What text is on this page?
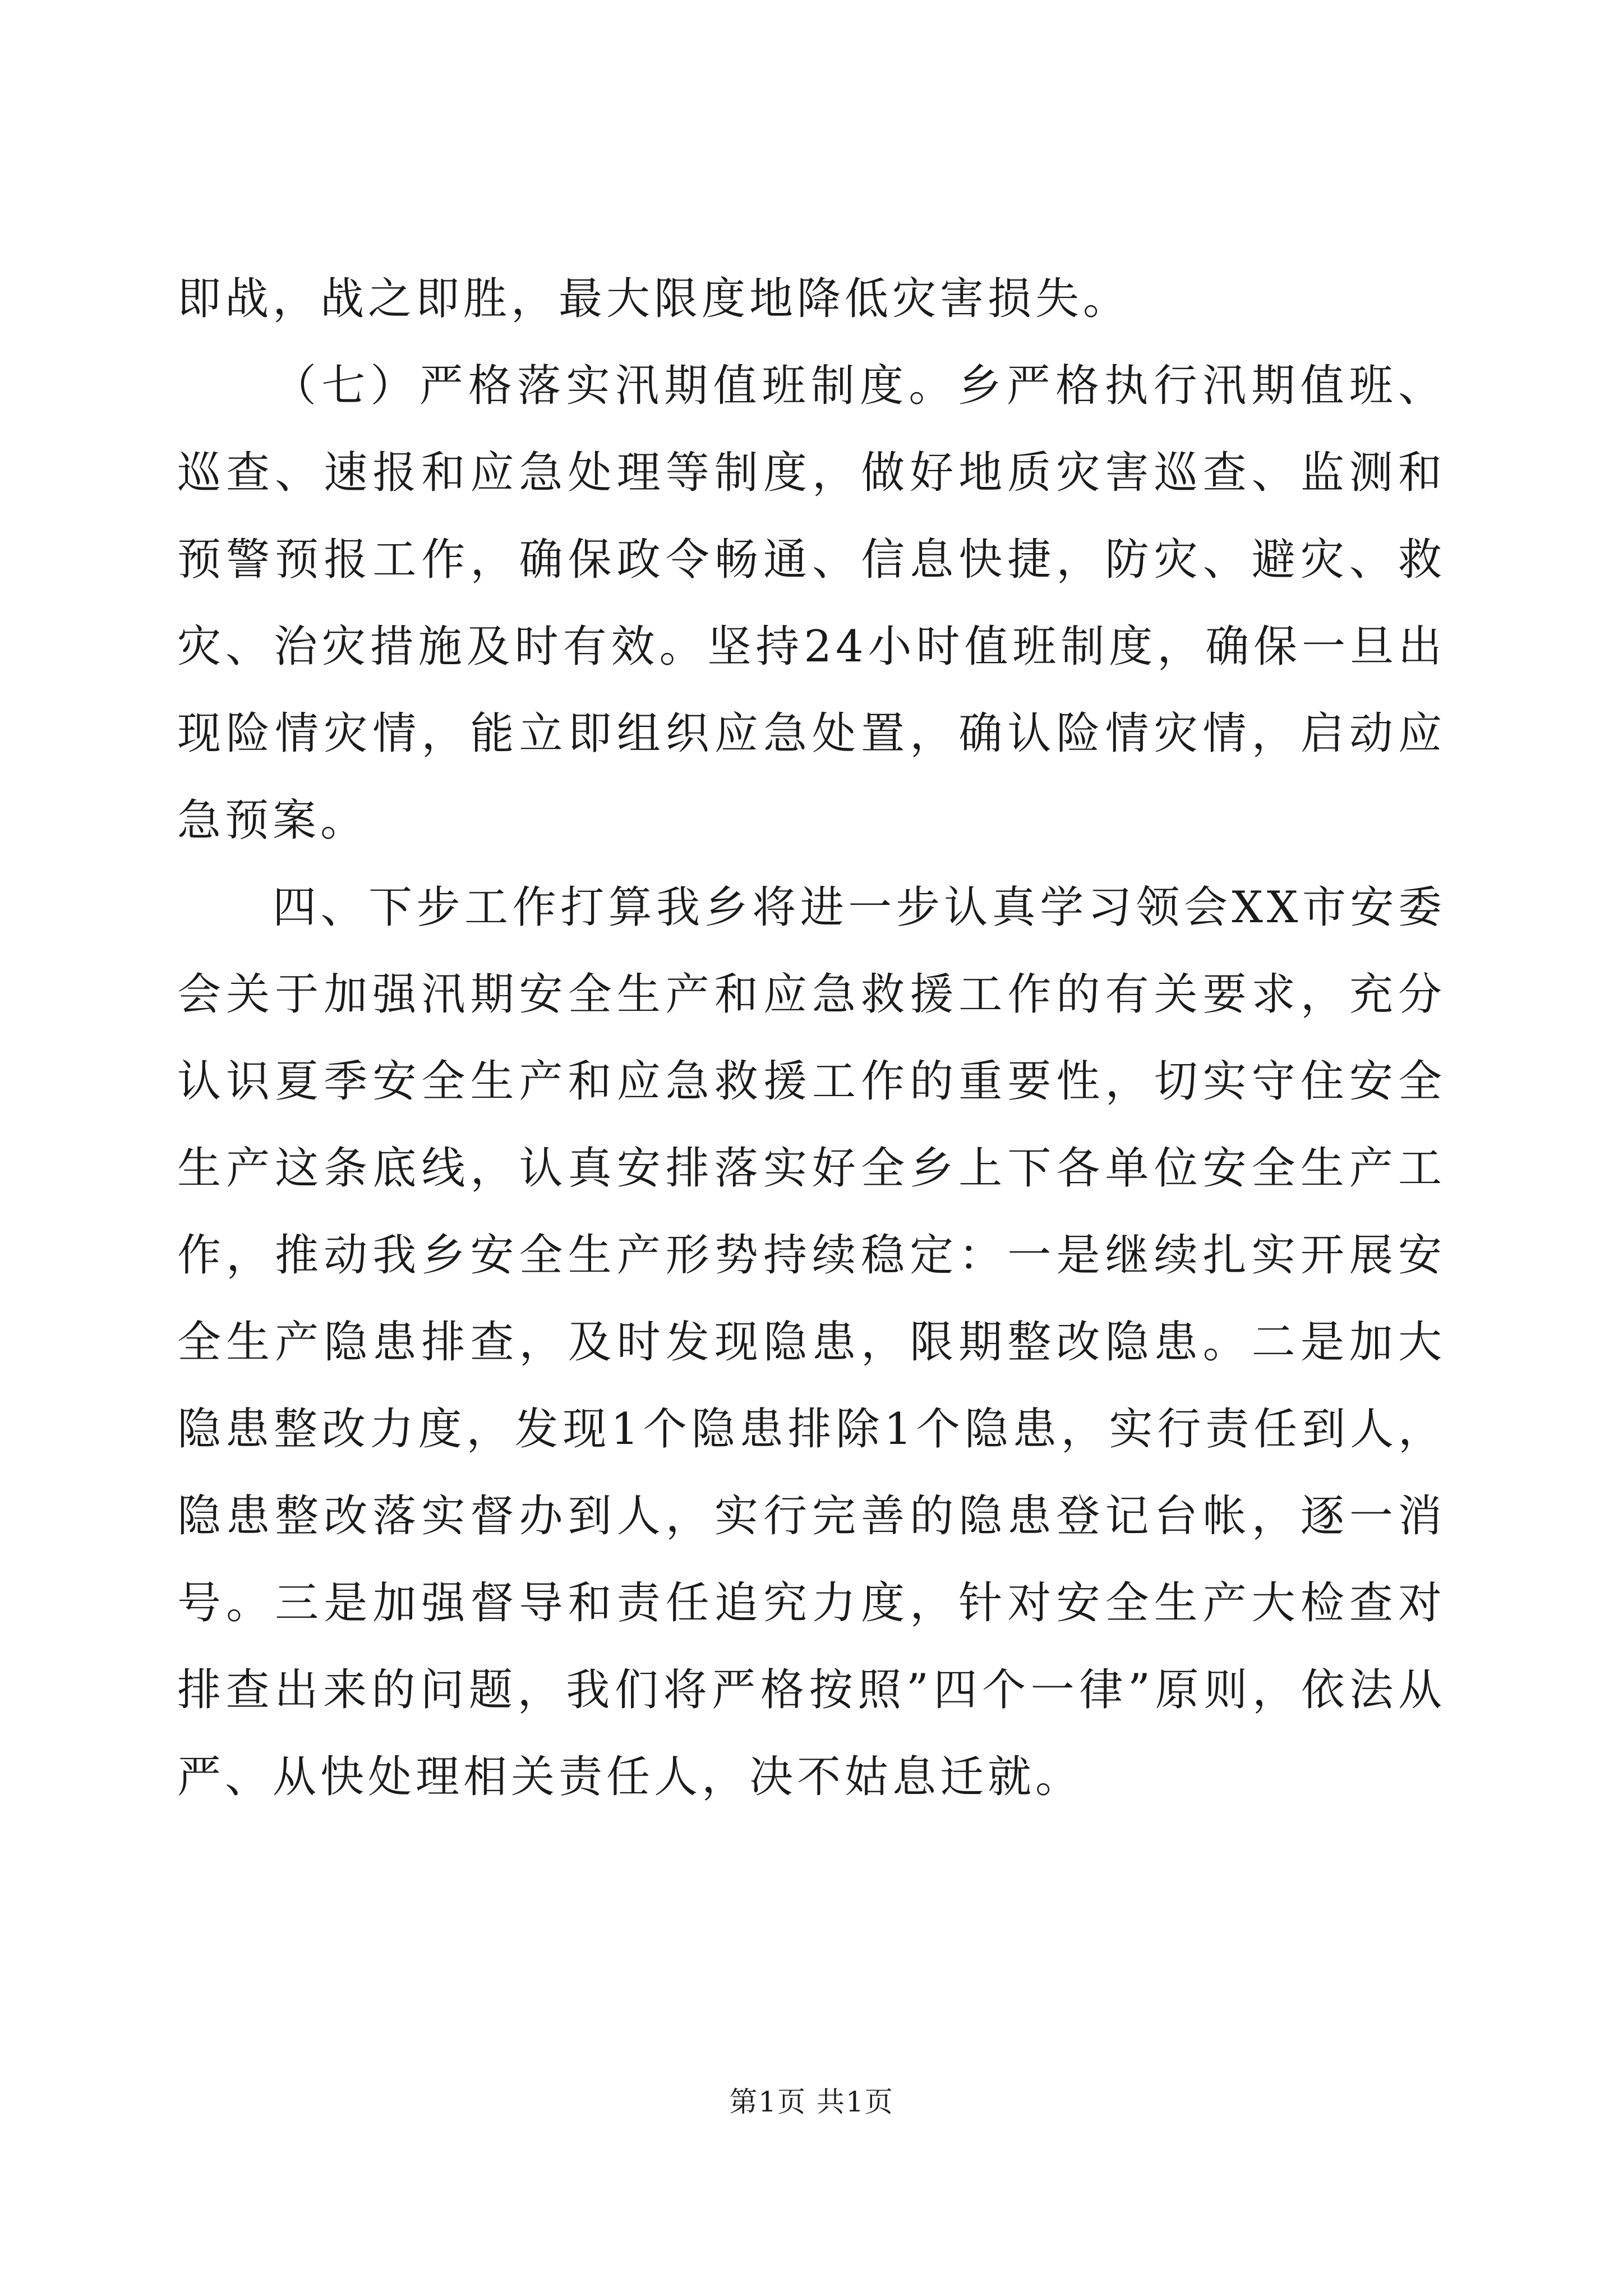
即战，战之即胜，最大限度地降低灾害损失。

（七）严格落实汛期值班制度。乡严格执行汛期值班、巡查、速报和应急处理等制度，做好地质灾害巡查、监测和预警预报工作，确保政令畅通、信息快捷，防灾、避灾、救灾、治灾措施及时有效。坚持24小时值班制度，确保一旦出现险情灾情，能立即组织应急处置，确认险情灾情，启动应急预案。

四、下步工作打算我乡将进一步认真学习领会XX市安委会关于加强汛期安全生产和应急救援工作的有关要求，充分认识夏季安全生产和应急救援工作的重要性，切实守住安全生产这条底线，认真安排落实好全乡上下各单位安全生产工作，推动我乡安全生产形势持续稳定：一是继续扎实开展安全生产隐患排查，及时发现隐患，限期整改隐患。二是加大隐患整改力度，发现1个隐患排除1个隐患，实行责任到人，隐患整改落实督办到人，实行完善的隐患登记台帐，逐一消号。三是加强督导和责任追究力度，针对安全生产大检查对排查出来的问题，我们将严格按照”四个一律”原则，依法从严、从快处理相关责任人，决不姑息迁就。

第1页 共1页
